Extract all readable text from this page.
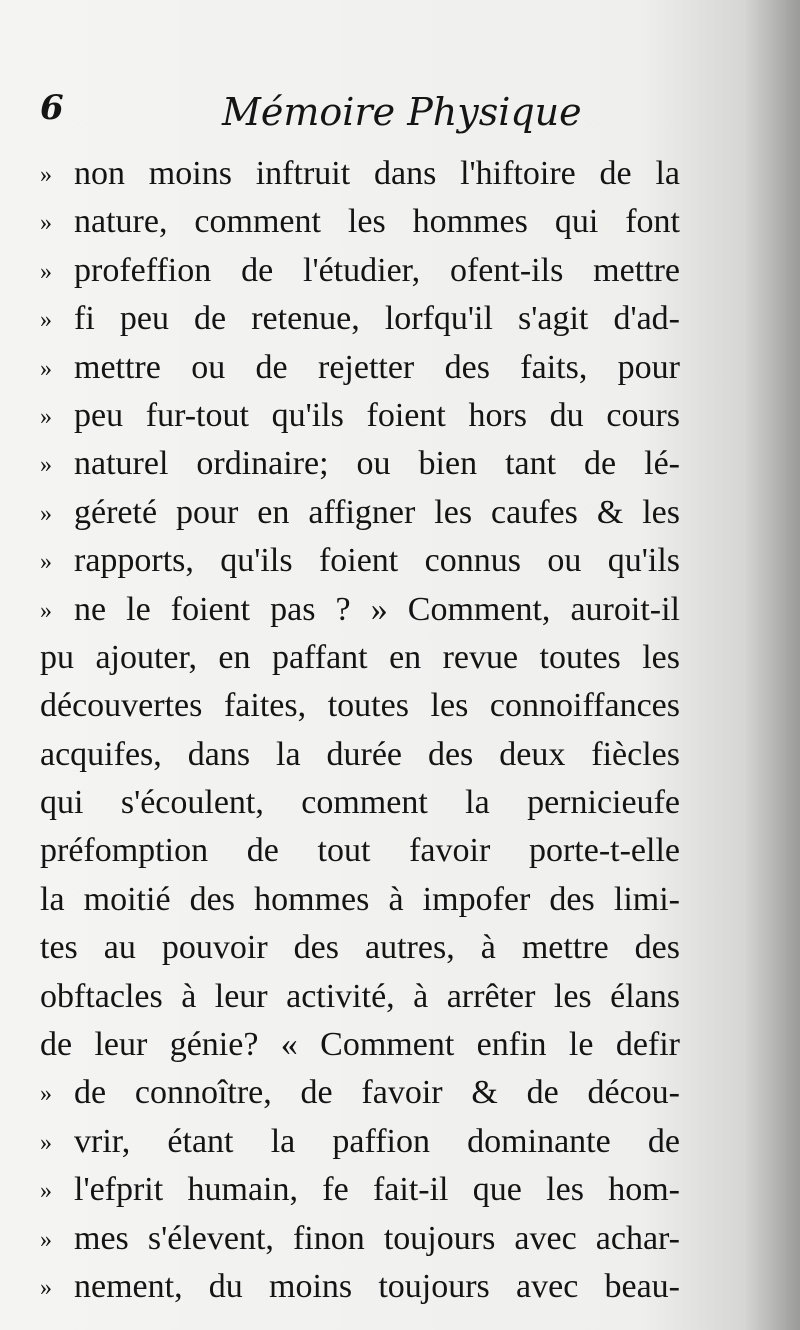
6	Mémoire Physique
» non moins inftruit dans l'hiftoire de la
» nature, comment les hommes qui font
» profeffion de l'étudier, ofent-ils mettre
» fi peu de retenue, lorfqu'il s'agit d'ad-
» mettre ou de rejetter des faits, pour
» peu fur-tout qu'ils foient hors du cours
» naturel ordinaire; ou bien tant de lé-
» géreté pour en affigner les caufes & les
» rapports, qu'ils foient connus ou qu'ils
» ne le foient pas ? » Comment, auroit-il
pu ajouter, en paffant en revue toutes les
découvertes faites, toutes les connoiffances
acquifes, dans la durée des deux fiècles
qui s'écoulent, comment la pernicieufe
préfomption de tout favoir porte-t-elle
la moitié des hommes à impofer des limi-
tes au pouvoir des autres, à mettre des
obftacles à leur activité, à arrêter les élans
de leur génie? « Comment enfin le defir
» de connoître, de favoir & de décou-
» vrir, étant la paffion dominante de
» l'efprit humain, fe fait-il que les hom-
» mes s'élevent, finon toujours avec achar-
» nement, du moins toujours avec beau-
